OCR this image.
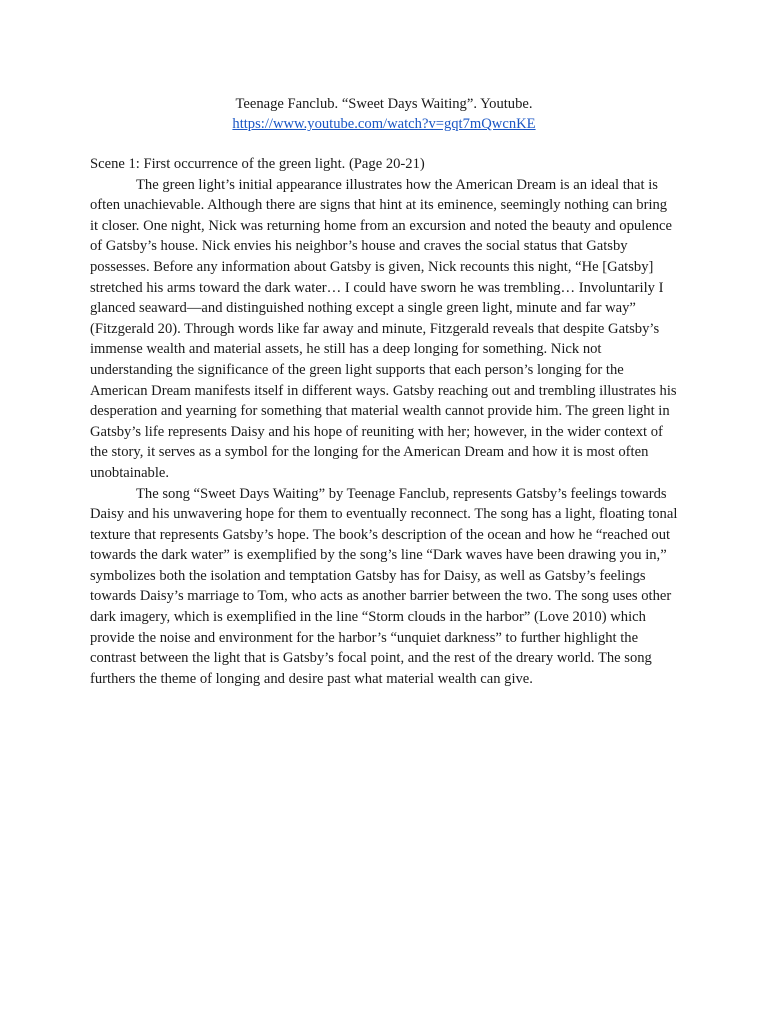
Teenage Fanclub. “Sweet Days Waiting”. Youtube.
https://www.youtube.com/watch?v=gqt7mQwcnKE

Scene 1: First occurrence of the green light. (Page 20-21)

The green light’s initial appearance illustrates how the American Dream is an ideal that is often unachievable. Although there are signs that hint at its eminence, seemingly nothing can bring it closer. One night, Nick was returning home from an excursion and noted the beauty and opulence of Gatsby’s house. Nick envies his neighbor’s house and craves the social status that Gatsby possesses. Before any information about Gatsby is given, Nick recounts this night, “He [Gatsby] stretched his arms toward the dark water… I could have sworn he was trembling… Involuntarily I glanced seaward—and distinguished nothing except a single green light, minute and far way” (Fitzgerald 20). Through words like far away and minute, Fitzgerald reveals that despite Gatsby’s immense wealth and material assets, he still has a deep longing for something. Nick not understanding the significance of the green light supports that each person’s longing for the American Dream manifests itself in different ways. Gatsby reaching out and trembling illustrates his desperation and yearning for something that material wealth cannot provide him. The green light in Gatsby’s life represents Daisy and his hope of reuniting with her; however, in the wider context of the story, it serves as a symbol for the longing for the American Dream and how it is most often unobtainable.

The song “Sweet Days Waiting” by Teenage Fanclub, represents Gatsby’s feelings towards Daisy and his unwavering hope for them to eventually reconnect. The song has a light, floating tonal texture that represents Gatsby’s hope. The book’s description of the ocean and how he “reached out towards the dark water” is exemplified by the song’s line “Dark waves have been drawing you in,” symbolizes both the isolation and temptation Gatsby has for Daisy, as well as Gatsby’s feelings towards Daisy’s marriage to Tom, who acts as another barrier between the two. The song uses other dark imagery, which is exemplified in the line “Storm clouds in the harbor” (Love 2010) which provide the noise and environment for the harbor’s “unquiet darkness” to further highlight the contrast between the light that is Gatsby’s focal point, and the rest of the dreary world. The song furthers the theme of longing and desire past what material wealth can give.
